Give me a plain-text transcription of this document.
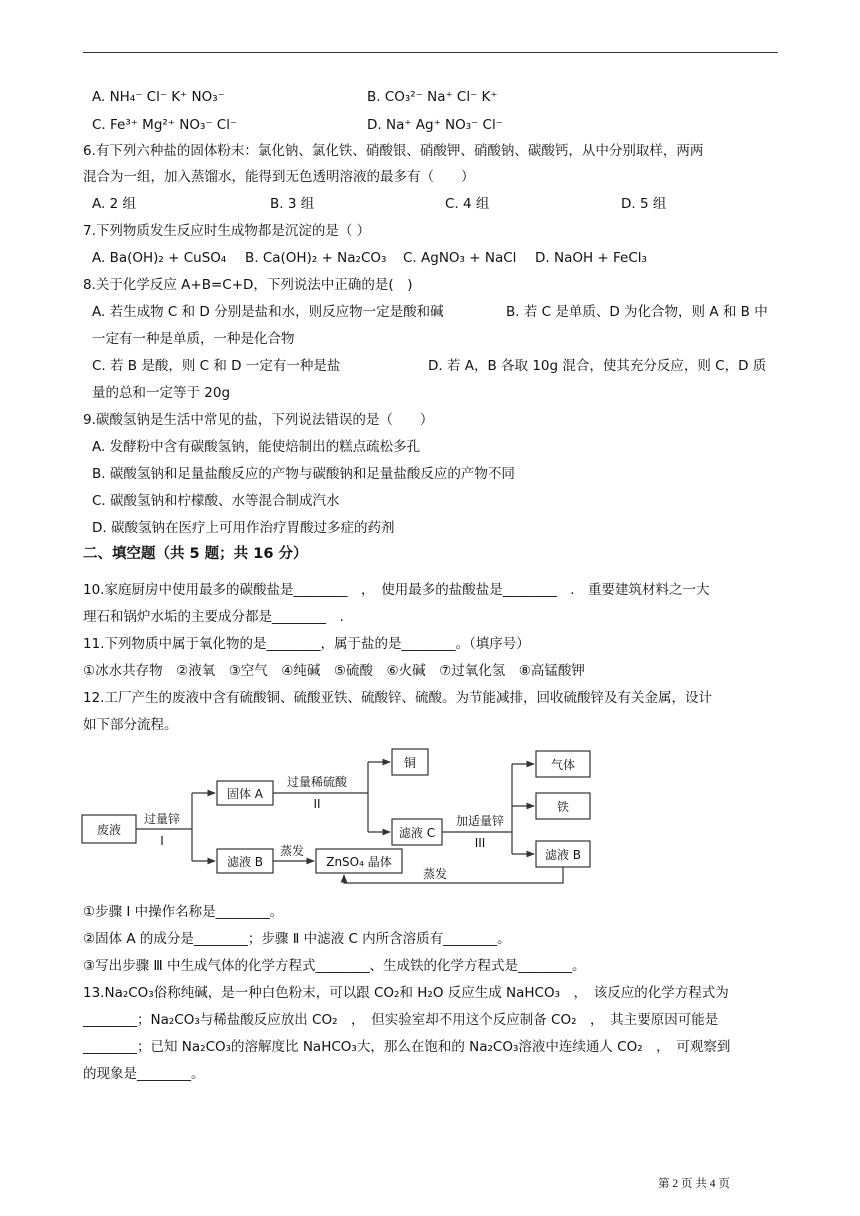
A. NH₄⁻ Cl⁻ K⁺ NO₃⁻	B. CO₃²⁻ Na⁺ Cl⁻ K⁺
C. Fe³⁺ Mg²⁺ NO₃⁻ Cl⁻	D. Na⁺ Ag⁺ NO₃⁻ Cl⁻
6.有下列六种盐的固体粉末：氯化钠、氯化铁、硝酸银、硝酸钾、硝酸钠、碳酸钙，从中分别取样，两两
混合为一组，加入蒸馏水，能得到无色透明溶液的最多有（　　）
A. 2 组	B. 3 组	C. 4 组	D. 5 组
7.下列物质发生反应时生成物都是沉淀的是（ ）
A. Ba(OH)₂ + CuSO₄ B. Ca(OH)₂ + Na₂CO₃ C. AgNO₃ + NaCl D. NaOH + FeCl₃
8.关于化学反应 A+B=C+D，下列说法中正确的是(　)
A. 若生成物 C 和 D 分别是盐和水，则反应物一定是酸和碱	B. 若 C 是单质、D 为化合物，则 A 和 B 中
一定有一种是单质，一种是化合物
C. 若 B 是酸，则 C 和 D 一定有一种是盐	D. 若 A，B 各取 10g 混合，使其充分反应，则 C，D 质
量的总和一定等于 20g
9.碳酸氢钠是生活中常见的盐，下列说法错误的是（　　）
A. 发酵粉中含有碳酸氢钠，能使焙制出的糕点疏松多孔
B. 碳酸氢钠和足量盐酸反应的产物与碳酸钠和足量盐酸反应的产物不同
C. 碳酸氢钠和柠檬酸、水等混合制成汽水
D. 碳酸氢钠在医疗上可用作治疗胃酸过多症的药剂
二、填空题（共 5 题；共 16 分）
10.家庭厨房中使用最多的碳酸盐是________　，　使用最多的盐酸盐是________　.　重要建筑材料之一大
理石和锅炉水垢的主要成分都是________　.
11.下列物质中属于氧化物的是________，属于盐的是________。（填序号）
①冰水共存物　②液氧　③空气　④纯碱　⑤硫酸　⑥火碱　⑦过氧化氢　⑧高锰酸钾
12.工厂产生的废液中含有硫酸铜、硫酸亚铁、硫酸锌、硫酸。为节能减排，回收硫酸锌及有关金属，设计
如下部分流程。
废液
固体 A
滤液 B	ZnSO₄ 晶体
铜
滤液 C
气体
铁
滤液 B
过量锌
I
过量稀硫酸
II
蒸发
加适量锌
III
蒸发
①步骤 Ⅰ 中操作名称是________。
②固体 A 的成分是________；步骤 Ⅱ 中滤液 C 内所含溶质有________。
③写出步骤 Ⅲ 中生成气体的化学方程式________、生成铁的化学方程式是________。
13.Na₂CO₃俗称纯碱，是一种白色粉末，可以跟 CO₂和 H₂O 反应生成 NaHCO₃　，　该反应的化学方程式为
________；Na₂CO₃与稀盐酸反应放出 CO₂　，　但实验室却不用这个反应制备 CO₂　，　其主要原因可能是
________；已知 Na₂CO₃的溶解度比 NaHCO₃大，那么在饱和的 Na₂CO₃溶液中连续通人 CO₂　，　可观察到
的现象是________。
第 2 页 共 4 页
